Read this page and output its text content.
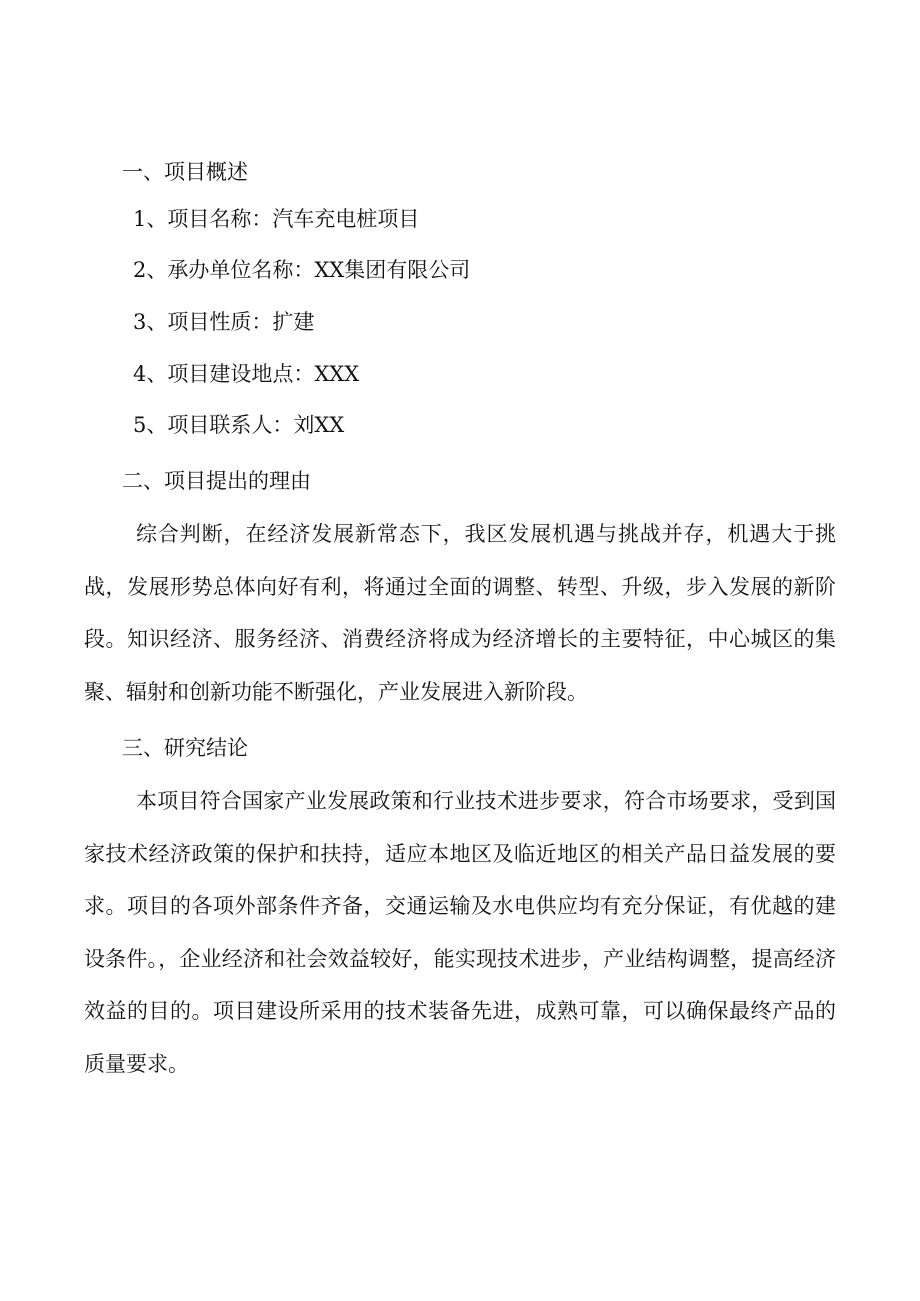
一、项目概述
1、项目名称：汽车充电桩项目
2、承办单位名称：XX集团有限公司
3、项目性质：扩建
4、项目建设地点：XXX
5、项目联系人：刘XX
二、项目提出的理由
综合判断，在经济发展新常态下，我区发展机遇与挑战并存，机遇大于挑战，发展形势总体向好有利，将通过全面的调整、转型、升级，步入发展的新阶段。知识经济、服务经济、消费经济将成为经济增长的主要特征，中心城区的集聚、辐射和创新功能不断强化，产业发展进入新阶段。
三、研究结论
本项目符合国家产业发展政策和行业技术进步要求，符合市场要求，受到国家技术经济政策的保护和扶持，适应本地区及临近地区的相关产品日益发展的要求。项目的各项外部条件齐备，交通运输及水电供应均有充分保证，有优越的建设条件。，企业经济和社会效益较好，能实现技术进步，产业结构调整，提高经济效益的目的。项目建设所采用的技术装备先进，成熟可靠，可以确保最终产品的质量要求。
